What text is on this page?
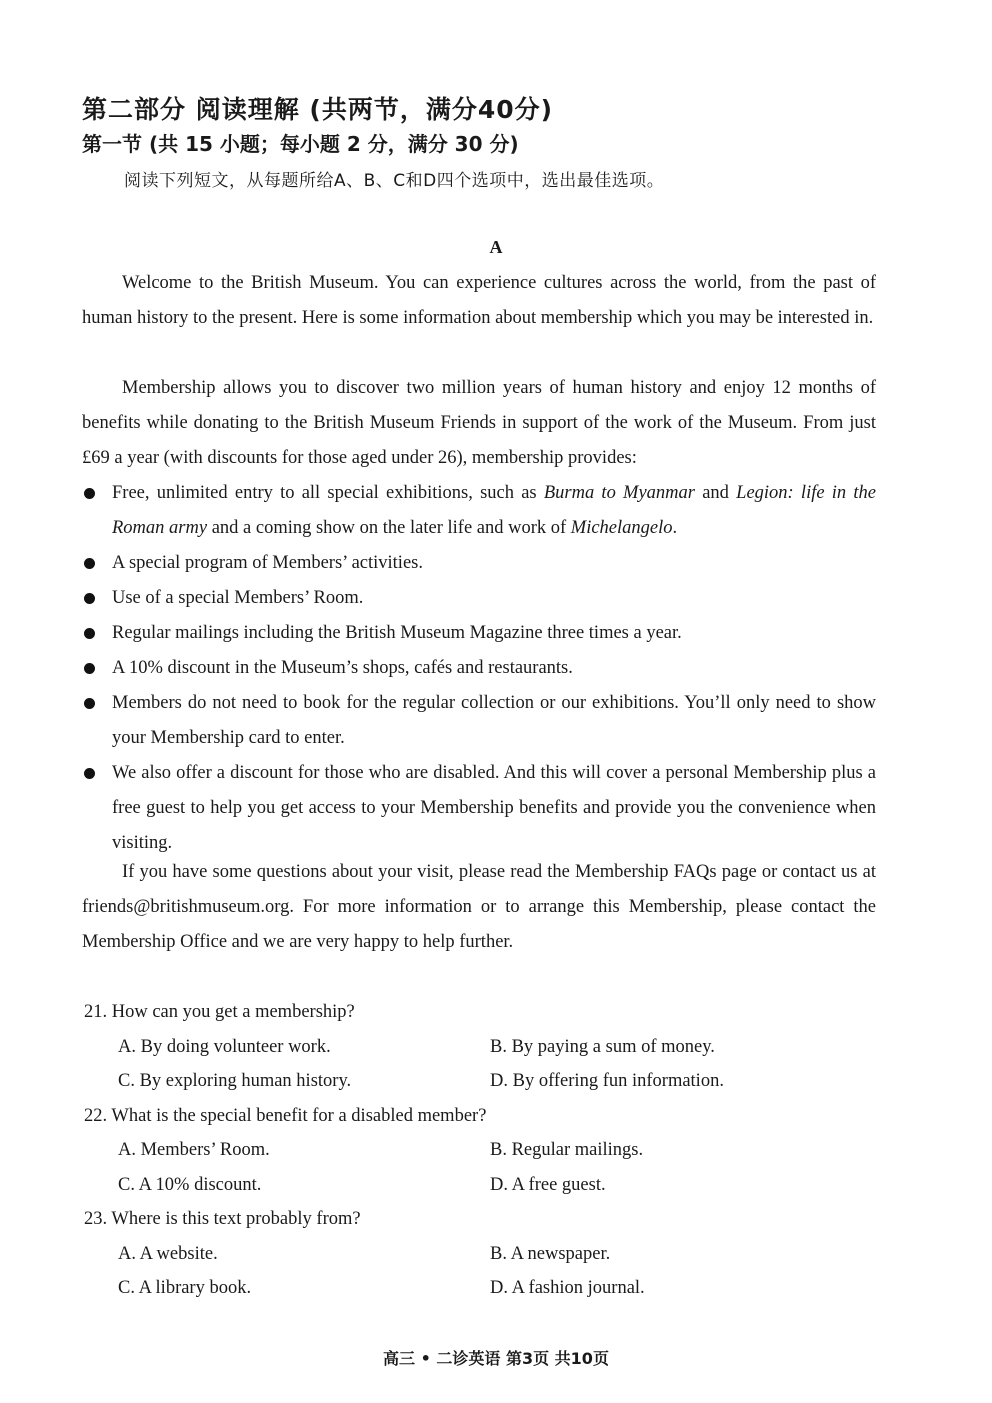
第二部分 阅读理解 (共两节，满分40分)
第一节 (共 15 小题；每小题 2 分，满分 30 分)
阅读下列短文，从每题所给A、B、C和D四个选项中，选出最佳选项。
A

Welcome to the British Museum. You can experience cultures across the world, from the past of human history to the present. Here is some information about membership which you may be interested in.

Membership allows you to discover two million years of human history and enjoy 12 months of benefits while donating to the British Museum Friends in support of the work of the Museum. From just £69 a year (with discounts for those aged under 26), membership provides:

Free, unlimited entry to all special exhibitions, such as Burma to Myanmar and Legion: life in the Roman army and a coming show on the later life and work of Michelangelo.
A special program of Members’ activities.
Use of a special Members’ Room.
Regular mailings including the British Museum Magazine three times a year.
A 10% discount in the Museum’s shops, cafés and restaurants.
Members do not need to book for the regular collection or our exhibitions. You’ll only need to show your Membership card to enter.
We also offer a discount for those who are disabled. And this will cover a personal Membership plus a free guest to help you get access to your Membership benefits and provide you the convenience when visiting.

If you have some questions about your visit, please read the Membership FAQs page or contact us at friends@britishmuseum.org. For more information or to arrange this Membership, please contact the Membership Office and we are very happy to help further.

21. How can you get a membership?

A. By doing volunteer work.	B. By paying a sum of money.

C. By exploring human history.	D. By offering fun information.

22. What is the special benefit for a disabled member?

A. Members’ Room.	B. Regular mailings.

C. A 10% discount.	D. A free guest.

23. Where is this text probably from?

A. A website.	B. A newspaper.

C. A library book.	D. A fashion journal.

高三 • 二诊英语 第3页 共10页
